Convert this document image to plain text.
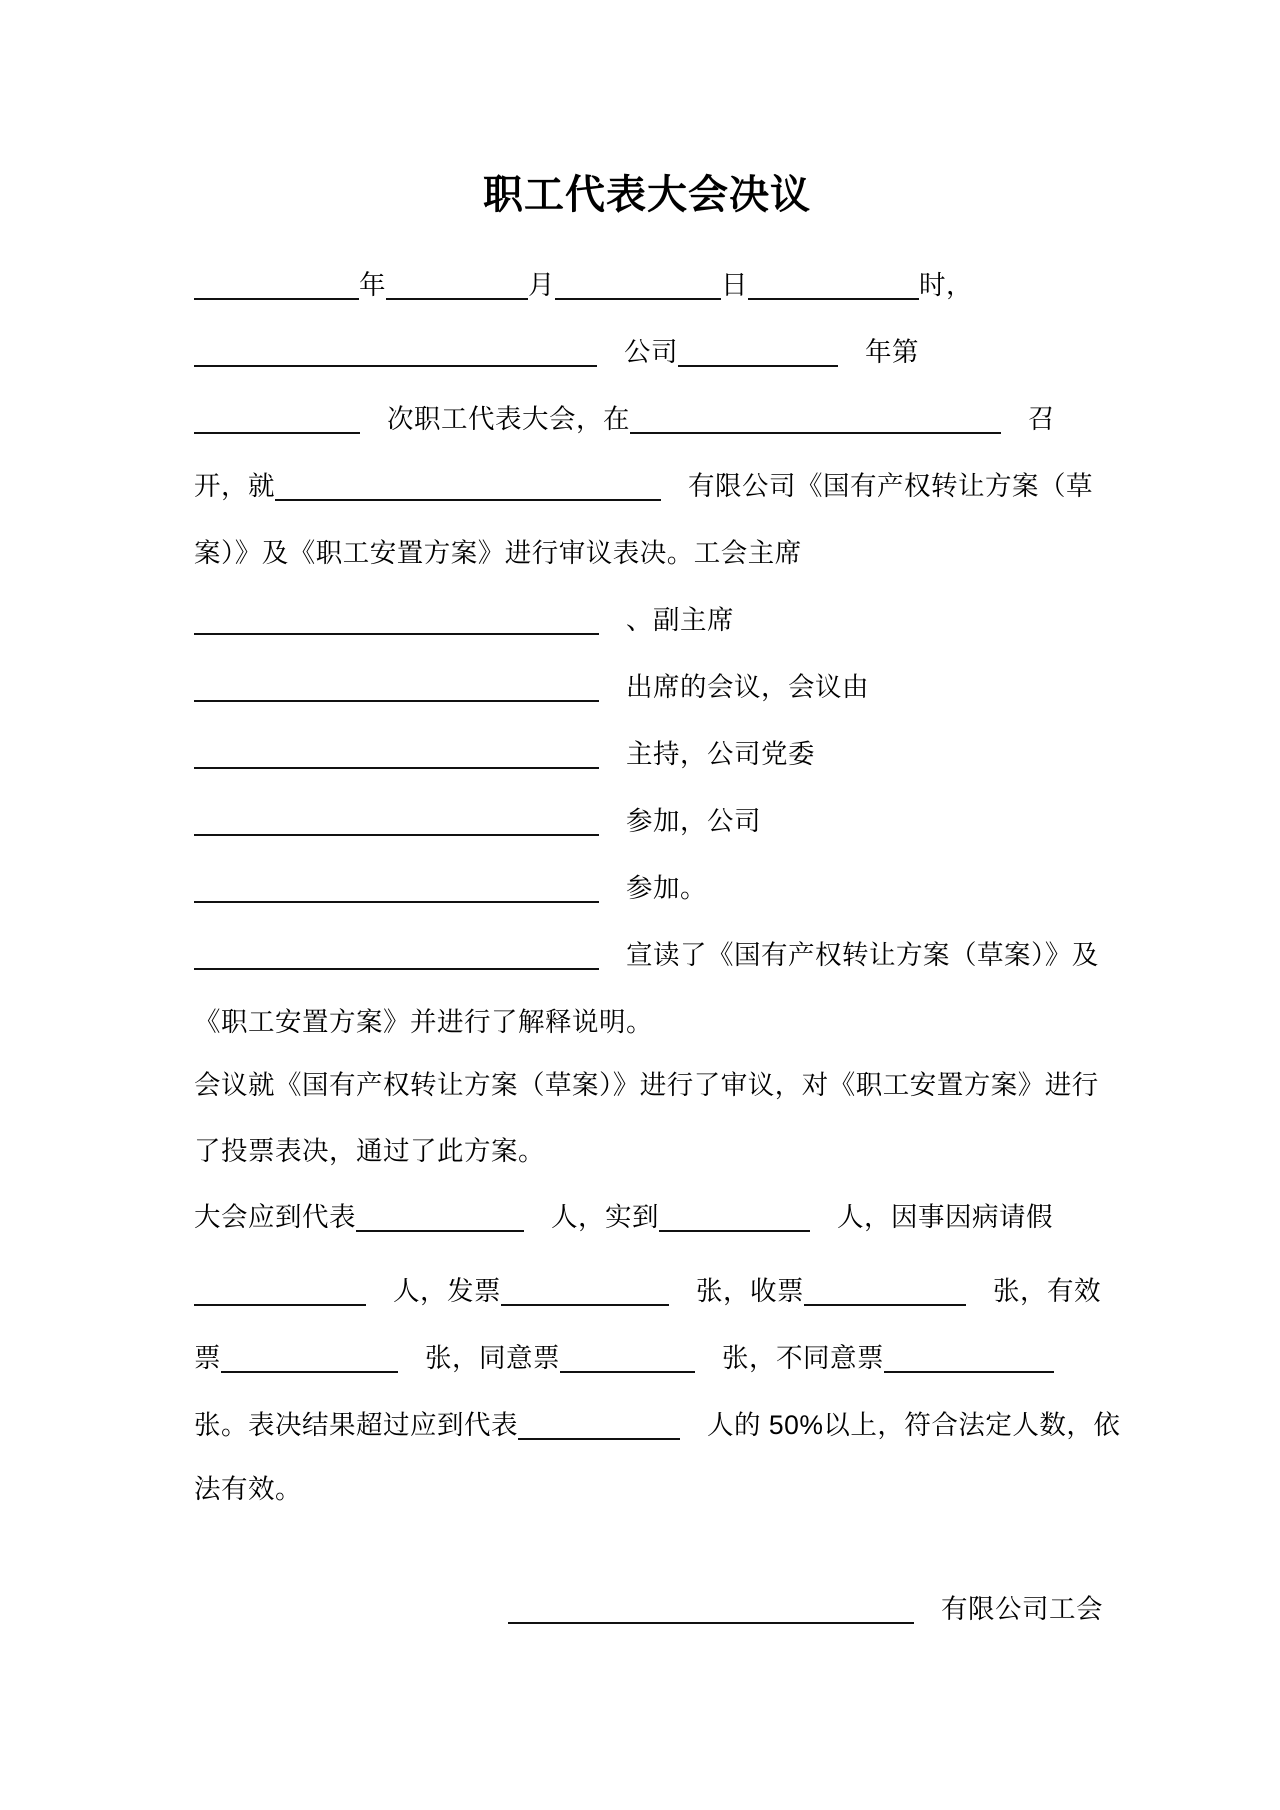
职工代表大会决议
年	月	日	时，
　公司	　年第
　次职工代表大会，在	　召
开，就	　有限公司《国有产权转让方案（草
案）》及《职工安置方案》进行审议表决。工会主席
　、副主席
　出席的会议，会议由
　主持，公司党委
　参加，公司
　参加。
　宣读了《国有产权转让方案（草案）》及
《职工安置方案》并进行了解释说明。
会议就《国有产权转让方案（草案）》进行了审议，对《职工安置方案》进行
了投票表决，通过了此方案。
大会应到代表	　人，实到	　人，因事因病请假
　人，发票	　张，收票	　张，有效
票	　张，同意票	　张，不同意票
张。表决结果超过应到代表	　人的 50%以上，符合法定人数，依
法有效。
　有限公司工会
